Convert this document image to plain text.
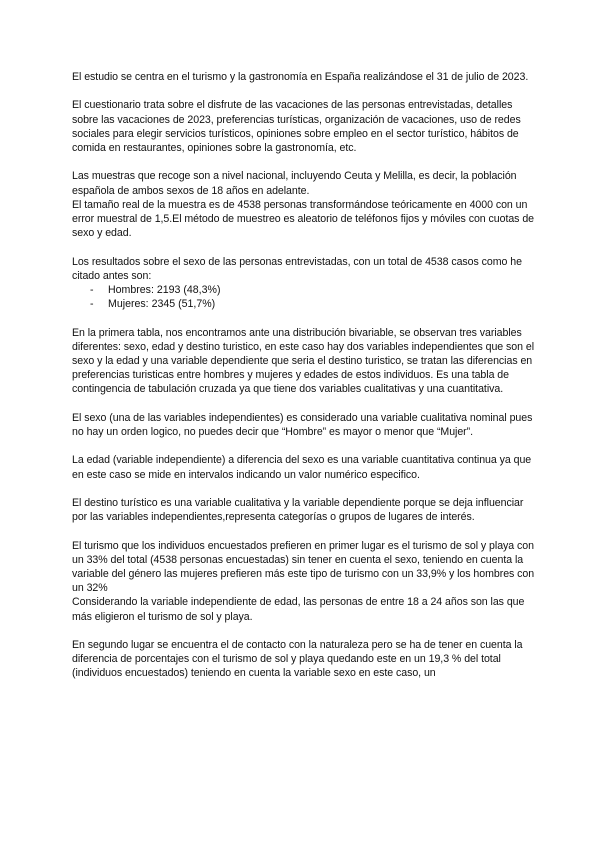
El estudio se centra en el turismo y la gastronomía en España realizándose el 31 de julio de 2023.

El cuestionario trata sobre el disfrute de las vacaciones de las personas entrevistadas, detalles sobre las vacaciones de 2023, preferencias turísticas, organización de vacaciones, uso de redes sociales para elegir servicios turísticos, opiniones sobre empleo en el sector turístico, hábitos de comida en restaurantes, opiniones sobre la gastronomía, etc.

Las muestras que recoge son a nivel nacional, incluyendo Ceuta y Melilla, es decir, la población española de ambos sexos de 18 años en adelante.

El tamaño real de la muestra es de 4538 personas transformándose teóricamente en 4000 con un error muestral de 1,5.El método de muestreo es aleatorio de teléfonos fijos y móviles con cuotas de sexo y edad.

Los resultados sobre el sexo de las personas entrevistadas, con un total de 4538 casos como he citado antes son:

- Hombres: 2193 (48,3%)
- Mujeres: 2345 (51,7%)

En la primera tabla, nos encontramos ante una distribución bivariable, se observan tres variables diferentes: sexo, edad y destino turistico, en este caso hay dos variables independientes que son el sexo y la edad y una variable dependiente que seria el destino turistico, se tratan las diferencias en preferencias turisticas entre hombres y mujeres y edades de estos individuos. Es una tabla de contingencia de tabulación cruzada ya que tiene dos variables cualitativas y una cuantitativa.

El sexo (una de las variables independientes) es considerado una variable cualitativa nominal pues no hay un orden logico, no puedes decir que “Hombre” es mayor o menor que “Mujer”.

La edad (variable independiente) a diferencia del sexo es una variable cuantitativa continua ya que en este caso se mide en intervalos indicando un valor numérico especifico.

El destino turístico es una variable cualitativa y la variable dependiente porque se deja influenciar por las variables independientes,representa categorías o grupos de lugares de interés.

El turismo que los individuos encuestados prefieren en primer lugar es el turismo de sol y playa con un 33% del total (4538 personas encuestadas) sin tener en cuenta el sexo, teniendo en cuenta la variable del género las mujeres prefieren más este tipo de turismo con un 33,9% y los hombres con un 32%

Considerando la variable independiente de edad, las personas de entre 18 a 24 años son las que más eligieron el turismo de sol y playa.

En segundo lugar se encuentra el de contacto con la naturaleza pero se ha de tener en cuenta la diferencia de porcentajes con el turismo de sol y playa quedando este en un 19,3 % del total (individuos encuestados) teniendo en cuenta la variable sexo en este caso, un
